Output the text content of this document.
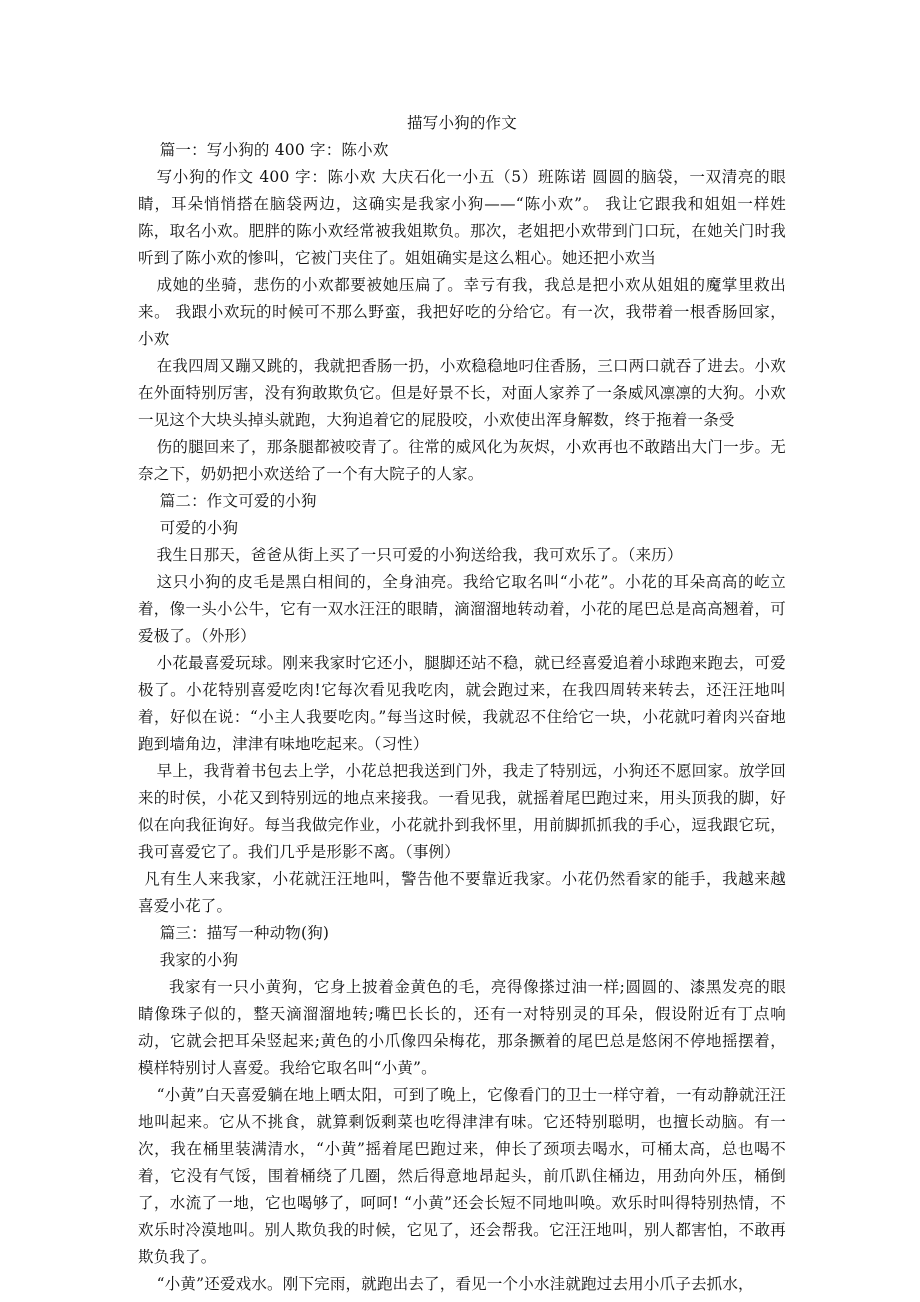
描写小狗的作文

篇一：写小狗的 400 字：陈小欢

写小狗的作文 400 字：陈小欢 大庆石化一小五（5）班陈诺 圆圆的脑袋，一双清亮的眼睛，耳朵悄悄搭在脑袋两边，这确实是我家小狗——“陈小欢”。 我让它跟我和姐姐一样姓陈，取名小欢。肥胖的陈小欢经常被我姐欺负。那次，老姐把小欢带到门口玩，在她关门时我听到了陈小欢的惨叫，它被门夹住了。姐姐确实是这么粗心。她还把小欢当

成她的坐骑，悲伤的小欢都要被她压扁了。幸亏有我，我总是把小欢从姐姐的魔掌里救出来。 我跟小欢玩的时候可不那么野蛮，我把好吃的分给它。有一次，我带着一根香肠回家，小欢

在我四周又蹦又跳的，我就把香肠一扔，小欢稳稳地叼住香肠，三口两口就吞了进去。小欢在外面特别厉害，没有狗敢欺负它。但是好景不长，对面人家养了一条威风凛凛的大狗。小欢一见这个大块头掉头就跑，大狗追着它的屁股咬，小欢使出浑身解数，终于拖着一条受

伤的腿回来了，那条腿都被咬青了。往常的威风化为灰烬，小欢再也不敢踏出大门一步。无奈之下，奶奶把小欢送给了一个有大院子的人家。

篇二：作文可爱的小狗

可爱的小狗

我生日那天，爸爸从街上买了一只可爱的小狗送给我，我可欢乐了。（来历）

这只小狗的皮毛是黑白相间的，全身油亮。我给它取名叫“小花”。小花的耳朵高高的屹立着，像一头小公牛，它有一双水汪汪的眼睛，滴溜溜地转动着，小花的尾巴总是高高翘着，可爱极了。（外形）

小花最喜爱玩球。刚来我家时它还小，腿脚还站不稳，就已经喜爱追着小球跑来跑去，可爱极了。小花特别喜爱吃肉!它每次看见我吃肉，就会跑过来，在我四周转来转去，还汪汪地叫着，好似在说：“小主人我要吃肉。”每当这时候，我就忍不住给它一块，小花就叼着肉兴奋地跑到墙角边，津津有味地吃起来。（习性）

早上，我背着书包去上学，小花总把我送到门外，我走了特别远，小狗还不愿回家。放学回来的时侯，小花又到特别远的地点来接我。一看见我，就摇着尾巴跑过来，用头顶我的脚，好似在向我征询好。每当我做完作业，小花就扑到我怀里，用前脚抓抓我的手心，逗我跟它玩，我可喜爱它了。我们几乎是形影不离。（事例）

凡有生人来我家，小花就汪汪地叫，警告他不要靠近我家。小花仍然看家的能手，我越来越喜爱小花了。

篇三：描写一种动物(狗)

我家的小狗

我家有一只小黄狗，它身上披着金黄色的毛，亮得像搽过油一样;圆圆的、漆黑发亮的眼睛像珠子似的，整天滴溜溜地转;嘴巴长长的，还有一对特别灵的耳朵，假设附近有丁点响动，它就会把耳朵竖起来;黄色的小爪像四朵梅花，那条撅着的尾巴总是悠闲不停地摇摆着，模样特别讨人喜爱。我给它取名叫“小黄”。

“小黄”白天喜爱躺在地上晒太阳，可到了晚上，它像看门的卫士一样守着，一有动静就汪汪地叫起来。它从不挑食，就算剩饭剩菜也吃得津津有味。它还特别聪明，也擅长动脑。有一次，我在桶里装满清水，“小黄”摇着尾巴跑过来，伸长了颈项去喝水，可桶太高，总也喝不着，它没有气馁，围着桶绕了几圈，然后得意地昂起头，前爪趴住桶边，用劲向外压，桶倒了，水流了一地，它也喝够了，呵呵! “小黄”还会长短不同地叫唤。欢乐时叫得特别热情，不欢乐时冷漠地叫。别人欺负我的时候，它见了，还会帮我。它汪汪地叫，别人都害怕，不敢再欺负我了。

“小黄”还爱戏水。刚下完雨，就跑出去了，看见一个小水洼就跑过去用小爪子去抓水，
